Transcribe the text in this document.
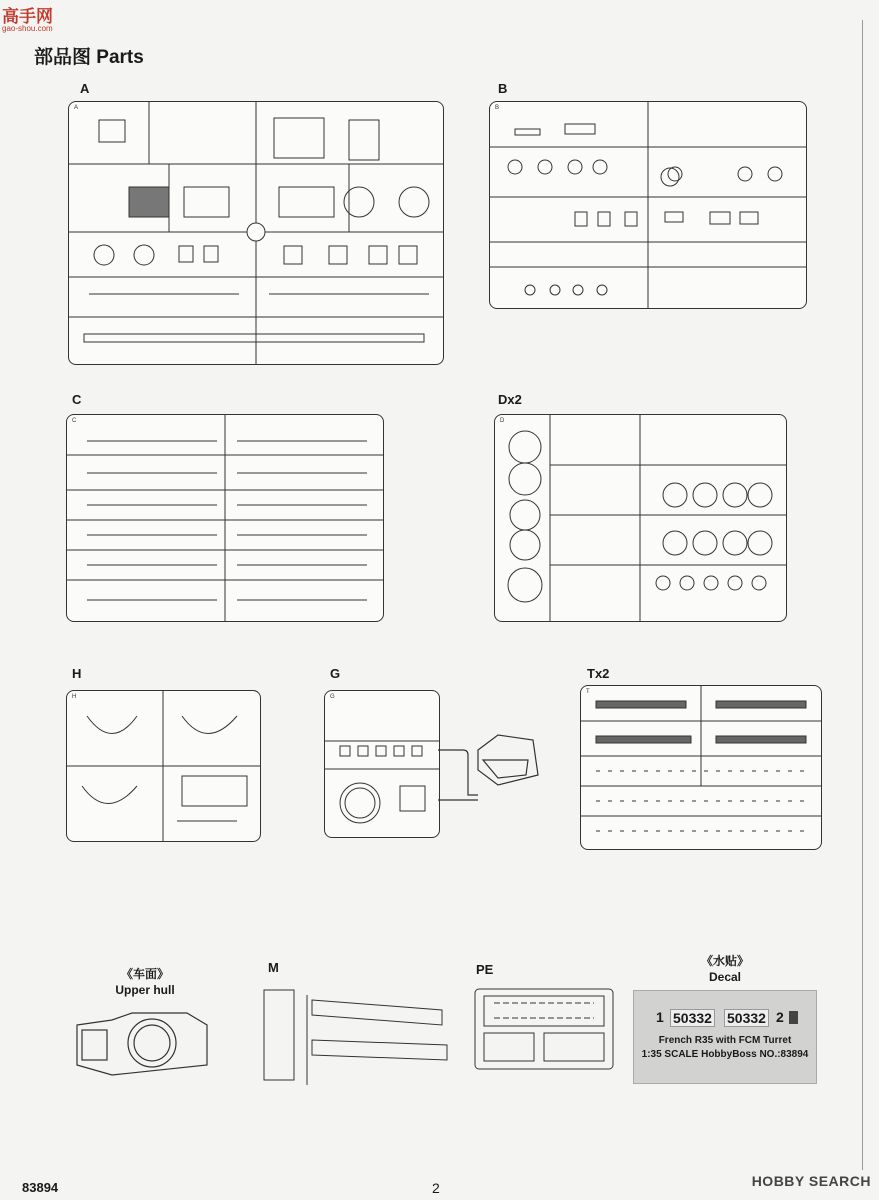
高手网
gao-shou.com
部品图 Parts
A
A
B
B
C
C
Dx2
D
H
H
G
G
Tx2
T
《车面》
Upper hull
M	PE
《水贴》
Decal
1 50332 50332 2
French R35 with FCM Turret
1:35 SCALE HobbyBoss NO.:83894
83894	2	HOBBY SEARCH
